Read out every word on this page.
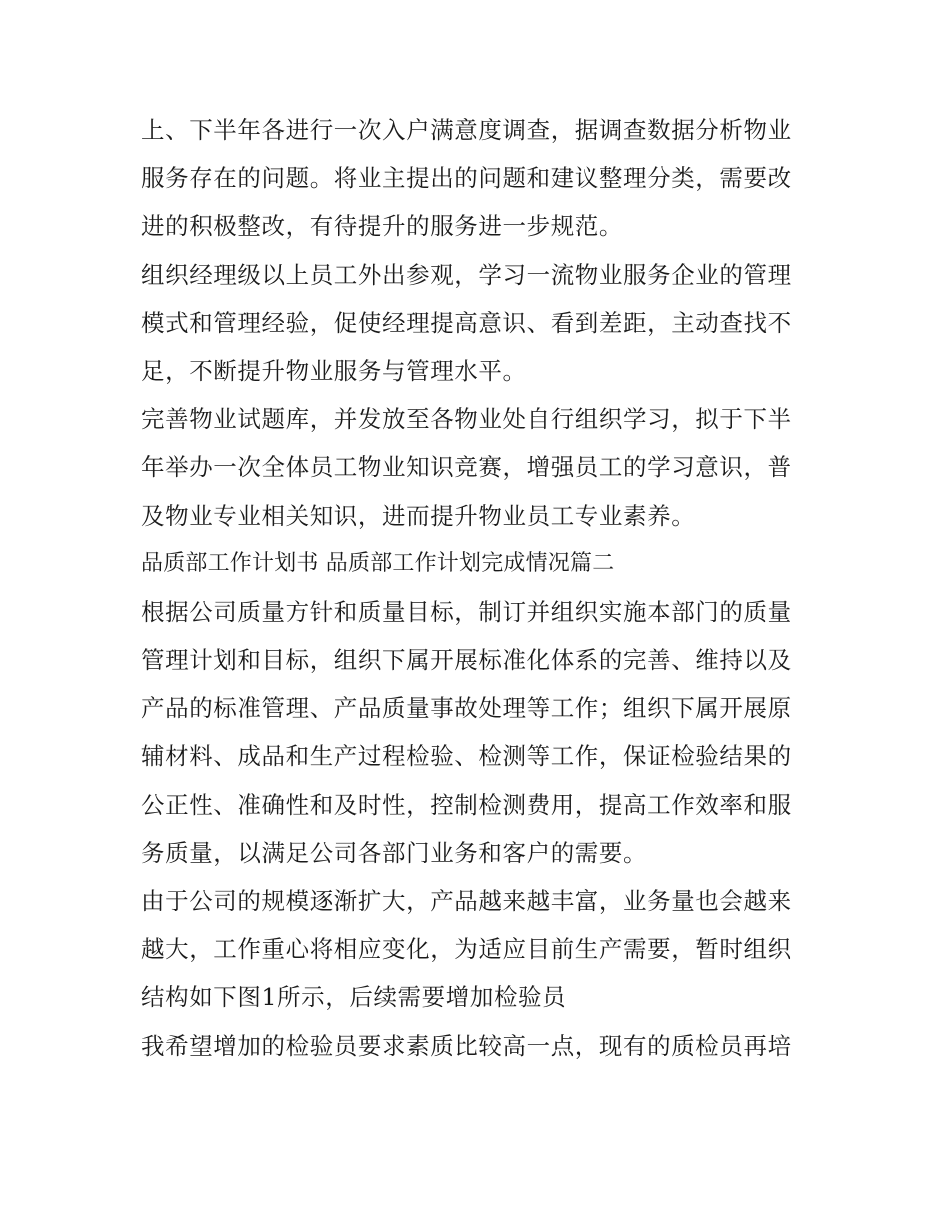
上、下半年各进行一次入户满意度调查，据调查数据分析物业
服务存在的问题。将业主提出的问题和建议整理分类，需要改
进的积极整改，有待提升的服务进一步规范。
组织经理级以上员工外出参观，学习一流物业服务企业的管理
模式和管理经验，促使经理提高意识、看到差距，主动查找不
足，不断提升物业服务与管理水平。
完善物业试题库，并发放至各物业处自行组织学习，拟于下半
年举办一次全体员工物业知识竞赛，增强员工的学习意识，普
及物业专业相关知识，进而提升物业员工专业素养。
品质部工作计划书 品质部工作计划完成情况篇二
根据公司质量方针和质量目标，制订并组织实施本部门的质量
管理计划和目标，组织下属开展标准化体系的完善、维持以及
产品的标准管理、产品质量事故处理等工作；组织下属开展原
辅材料、成品和生产过程检验、检测等工作，保证检验结果的
公正性、准确性和及时性，控制检测费用，提高工作效率和服
务质量，以满足公司各部门业务和客户的需要。
由于公司的规模逐渐扩大，产品越来越丰富，业务量也会越来
越大，工作重心将相应变化，为适应目前生产需要，暂时组织
结构如下图1所示，后续需要增加检验员
我希望增加的检验员要求素质比较高一点，现有的质检员再培
